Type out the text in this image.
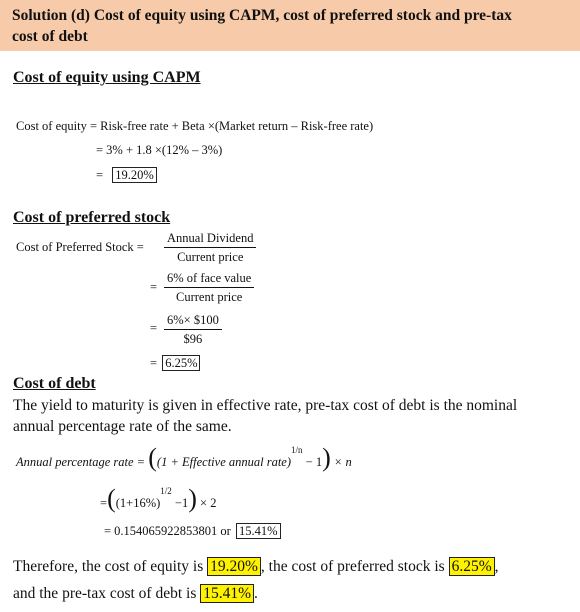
Solution (d) Cost of equity using CAPM, cost of preferred stock and pre-tax
cost of debt
Cost of equity using CAPM
Cost of equity = Risk-free rate + Beta ×(Market return – Risk-free rate)
= 3% + 1.8 ×(12% – 3%)
= 19.20%
Cost of preferred stock
Cost of Preferred Stock =
Annual Dividend
Current price
=
6% of face value
Current price
= $\frac{6\%\times \$100}{\$96}$
= 6.25%
Cost of debt
The yield to maturity is given in effective rate, pre-tax cost of debt is the nominal
annual percentage rate of the same.
Annual percentage rate = ((1 + Effective annual rate)$^{1/n}$ − 1) × n
$=((1+16\%)^{1/2} -1) \times 2$
= 0.154065922853801 or 15.41%
Therefore, the cost of equity is 19.20% , the cost of preferred stock is 6.25% ,
and the pre-tax cost of debt is 15.41% .
